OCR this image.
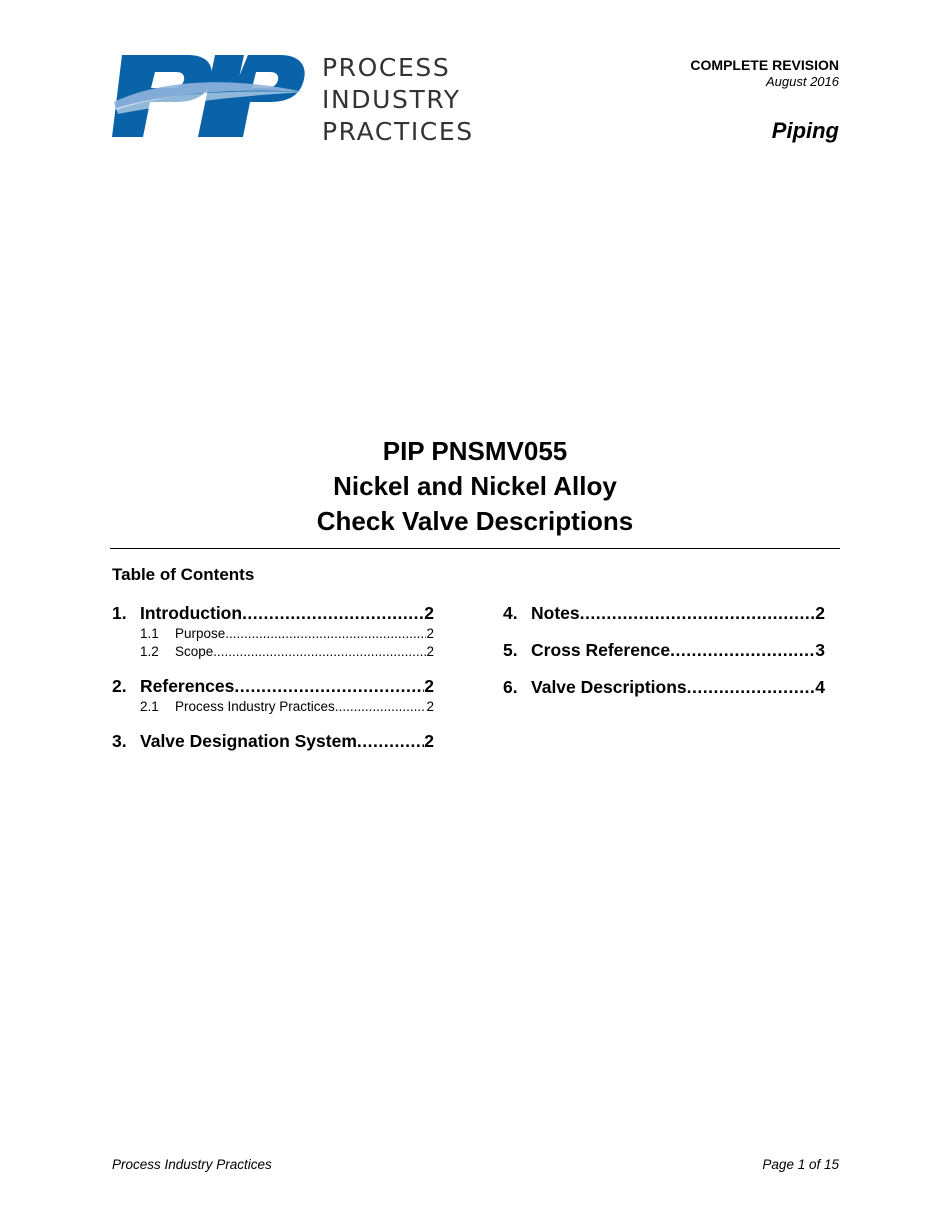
PROCESS
INDUSTRY
PRACTICES
COMPLETE REVISION
August 2016
Piping
PIP PNSMV055
Nickel and Nickel Alloy
Check Valve Descriptions
Table of Contents
1. Introduction .....	2
1.1	Purpose .....	2
1.2	Scope .....	2
2. References .....	2
2.1	Process Industry Practices .....	2
3. Valve Designation System .....	2
4. Notes .....	2
5. Cross Reference .....	3
6. Valve Descriptions .....	4
Process Industry Practices	Page 1 of 15
